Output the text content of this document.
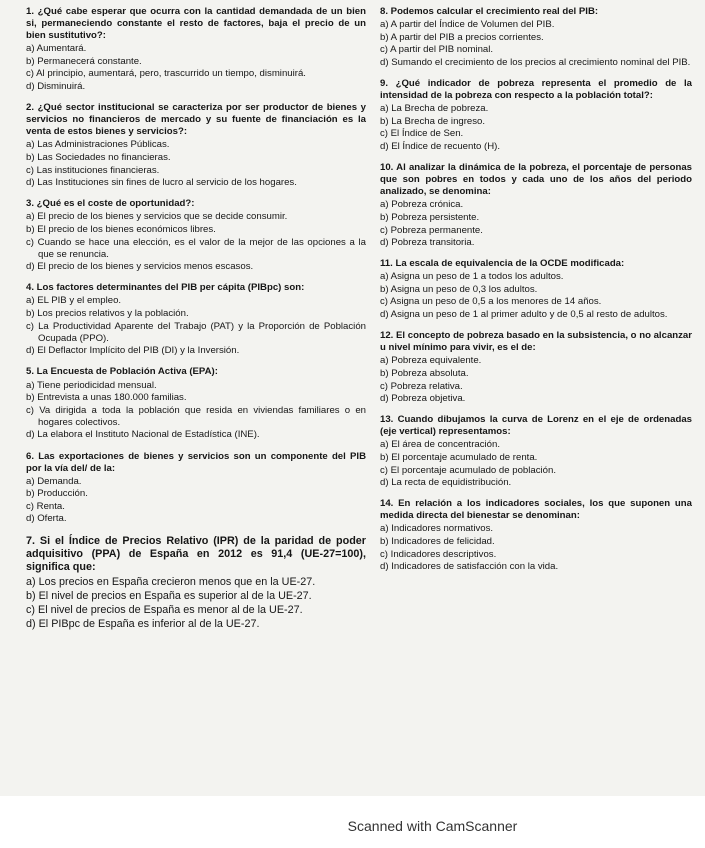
1. ¿Qué cabe esperar que ocurra con la cantidad demandada de un bien si, permaneciendo constante el resto de factores, baja el precio de un bien sustitutivo?:
a) Aumentará.
b) Permanecerá constante.
c) Al principio, aumentará, pero, trascurrido un tiempo, disminuirá.
d) Disminuirá.
2. ¿Qué sector institucional se caracteriza por ser productor de bienes y servicios no financieros de mercado y su fuente de financiación es la venta de estos bienes y servicios?:
a) Las Administraciones Públicas.
b) Las Sociedades no financieras.
c) Las instituciones financieras.
d) Las Instituciones sin fines de lucro al servicio de los hogares.
3. ¿Qué es el coste de oportunidad?:
a) El precio de los bienes y servicios que se decide consumir.
b) El precio de los bienes económicos libres.
c) Cuando se hace una elección, es el valor de la mejor de las opciones a la que se renuncia.
d) El precio de los bienes y servicios menos escasos.
4. Los factores determinantes del PIB per cápita (PIBpc) son:
a) EL PIB y el empleo.
b) Los precios relativos y la población.
c) La Productividad Aparente del Trabajo (PAT) y la Proporción de Población Ocupada (PPO).
d) El Deflactor Implícito del PIB (DI) y la Inversión.
5. La Encuesta de Población Activa (EPA):
a) Tiene periodicidad mensual.
b) Entrevista a unas 180.000 familias.
c) Va dirigida a toda la población que resida en viviendas familiares o en hogares colectivos.
d) La elabora el Instituto Nacional de Estadística (INE).
6. Las exportaciones de bienes y servicios son un componente del PIB por la vía del/ de la:
a) Demanda.
b) Producción.
c) Renta.
d) Oferta.
7. Si el Índice de Precios Relativo (IPR) de la paridad de poder adquisitivo (PPA) de España en 2012 es 91,4 (UE-27=100), significa que:
a) Los precios en España crecieron menos que en la UE-27.
b) El nivel de precios en España es superior al de la UE-27.
c) El nivel de precios de España es menor al de la UE-27.
d) El PIBpc de España es inferior al de la UE-27.
8. Podemos calcular el crecimiento real del PIB:
a) A partir del Índice de Volumen del PIB.
b) A partir del PIB a precios corrientes.
c) A partir del PIB nominal.
d) Sumando el crecimiento de los precios al crecimiento nominal del PIB.
9. ¿Qué indicador de pobreza representa el promedio de la intensidad de la pobreza con respecto a la población total?:
a) La Brecha de pobreza.
b) La Brecha de ingreso.
c) El Índice de Sen.
d) El Índice de recuento (H).
10. Al analizar la dinámica de la pobreza, el porcentaje de personas que son pobres en todos y cada uno de los años del periodo analizado, se denomina:
a) Pobreza crónica.
b) Pobreza persistente.
c) Pobreza permanente.
d) Pobreza transitoria.
11. La escala de equivalencia de la OCDE modificada:
a) Asigna un peso de 1 a todos los adultos.
b) Asigna un peso de 0,3 los adultos.
c) Asigna un peso de 0,5 a los menores de 14 años.
d) Asigna un peso de 1 al primer adulto y de 0,5 al resto de adultos.
12. El concepto de pobreza basado en la subsistencia, o no alcanzar u nivel mínimo para vivir, es el de:
a) Pobreza equivalente.
b) Pobreza absoluta.
c) Pobreza relativa.
d) Pobreza objetiva.
13. Cuando dibujamos la curva de Lorenz en el eje de ordenadas (eje vertical) representamos:
a) El área de concentración.
b) El porcentaje acumulado de renta.
c) El porcentaje acumulado de población.
d) La recta de equidistribución.
14. En relación a los indicadores sociales, los que suponen una medida directa del bienestar se denominan:
a) Indicadores normativos.
b) Indicadores de felicidad.
c) Indicadores descriptivos.
d) Indicadores de satisfacción con la vida.
Scanned with CamScanner
